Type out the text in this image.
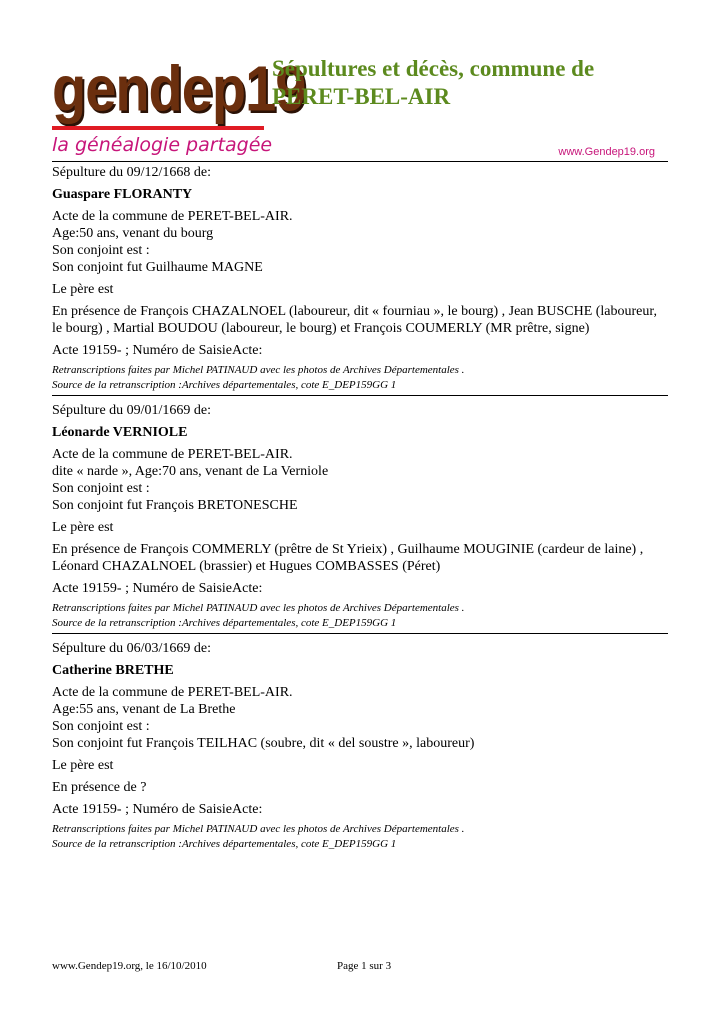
gendep19
la généalogie partagée
Sépultures et décès, commune de
PERET-BEL-AIR
www.Gendep19.org

Sépulture du 09/12/1668 de:

Guaspare FLORANTY

Acte de la commune de PERET-BEL-AIR.

Age:50 ans, venant du bourg

Son conjoint est :

Son conjoint fut Guilhaume MAGNE

Le père est

En présence de François CHAZALNOEL (laboureur, dit « fourniau », le bourg) , Jean BUSCHE (laboureur, le bourg) , Martial BOUDOU (laboureur, le bourg) et François COUMERLY (MR prêtre, signe)

Acte 19159- ; Numéro de SaisieActe:

Retranscriptions faites par Michel PATINAUD avec les photos de Archives Départementales .

Source de la retranscription :Archives départementales, cote E_DEP159GG 1

Sépulture du 09/01/1669 de:

Léonarde VERNIOLE

Acte de la commune de PERET-BEL-AIR.

dite « narde », Age:70 ans, venant de La Verniole

Son conjoint est :

Son conjoint fut François BRETONESCHE

Le père est

En présence de François COMMERLY (prêtre de St Yrieix) , Guilhaume MOUGINIE (cardeur de laine) , Léonard CHAZALNOEL (brassier) et Hugues COMBASSES (Péret)

Acte 19159- ; Numéro de SaisieActe:

Retranscriptions faites par Michel PATINAUD avec les photos de Archives Départementales .

Source de la retranscription :Archives départementales, cote E_DEP159GG 1

Sépulture du 06/03/1669 de:

Catherine BRETHE

Acte de la commune de PERET-BEL-AIR.

Age:55 ans, venant de La Brethe

Son conjoint est :

Son conjoint fut François TEILHAC (soubre, dit « del soustre », laboureur)

Le père est

En présence de ?

Acte 19159- ; Numéro de SaisieActe:

Retranscriptions faites par Michel PATINAUD avec les photos de Archives Départementales .

Source de la retranscription :Archives départementales, cote E_DEP159GG 1

www.Gendep19.org, le 16/10/2010	Page 1 sur 3
